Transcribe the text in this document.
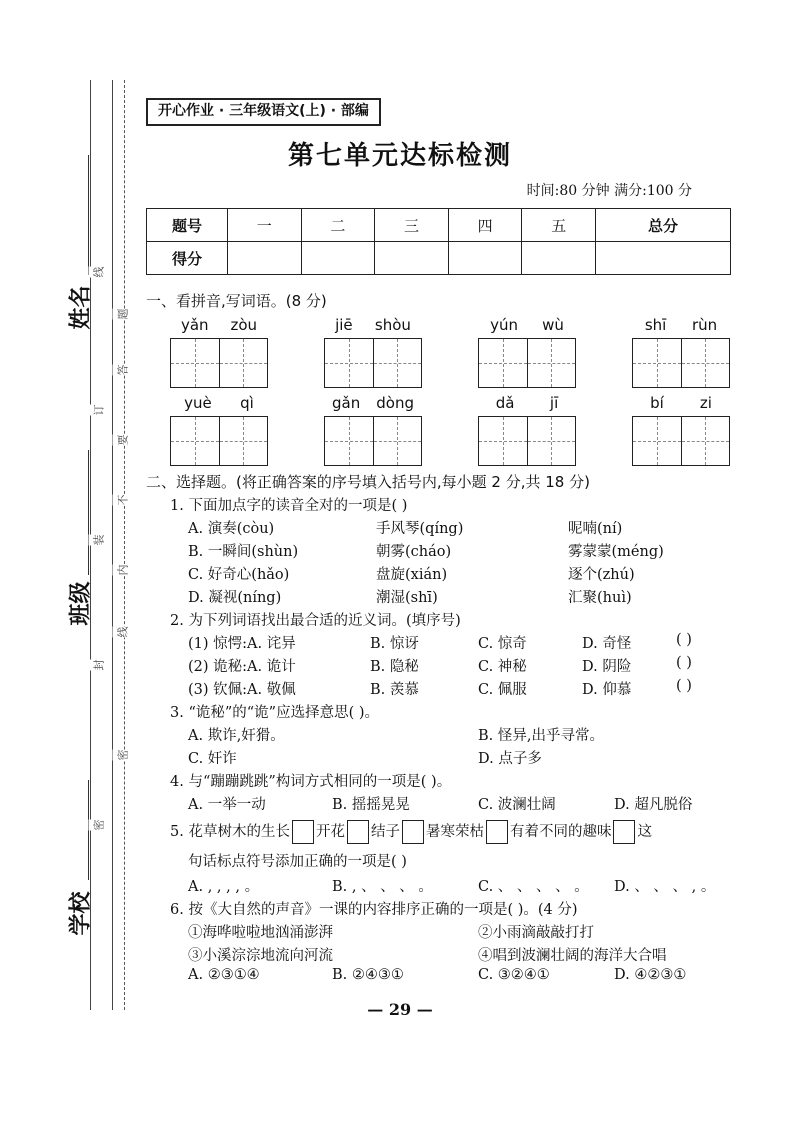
姓名
班级
学校
线
题
答
订
要
不
装
内
线
封
密
密
开心作业 · 三年级语文(上) · 部编
第七单元达标检测
时间:80 分钟 满分:100 分
题号	一	二	三	四	五	总分
得分						
一、看拼音,写词语。(8 分)
yǎn zòu	jiē shòu	yún wù	shī rùn
yuè qì	gǎn dòng	dǎ jī	bí zi
二、选择题。(将正确答案的序号填入括号内,每小题 2 分,共 18 分)
1. 下面加点字的读音全对的一项是( )
A. 演奏(còu)	手风琴(qíng)	呢喃(ní)
B. 一瞬间(shùn)	朝雾(cháo)	雾蒙蒙(méng)
C. 好奇心(hǎo)	盘旋(xián)	逐个(zhú)
D. 凝视(níng)	潮湿(shī)	汇聚(huì)
2. 为下列词语找出最合适的近义词。(填序号)
(1) 惊愕:A. 诧异	B. 惊讶	C. 惊奇	D. 奇怪	( )
(2) 诡秘:A. 诡计	B. 隐秘	C. 神秘	D. 阴险	( )
(3) 钦佩:A. 敬佩	B. 羡慕	C. 佩服	D. 仰慕	( )
3. “诡秘”的“诡”应选择意思( )。
A. 欺诈,奸猾。	B. 怪异,出乎寻常。
C. 奸诈	D. 点子多
4. 与“蹦蹦跳跳”构词方式相同的一项是( )。
A. 一举一动	B. 摇摇晃晃	C. 波澜壮阔	D. 超凡脱俗
5. 花草树木的生长 开花 结子 暑寒荣枯 有着不同的趣味 这
句话标点符号添加正确的一项是( )
A. , , , , 。	B. , 、 、 、 。	C. 、 、 、 、 。 D. 、 、 、 , 。
6. 按《大自然的声音》一课的内容排序正确的一项是( )。(4 分)
①海哗啦啦地汹涌澎湃	②小雨滴敲敲打打
③小溪淙淙地流向河流	④唱到波澜壮阔的海洋大合唱
A. ②③①④	B. ②④③①	C. ③②④①	D. ④②③①
— 29 —
